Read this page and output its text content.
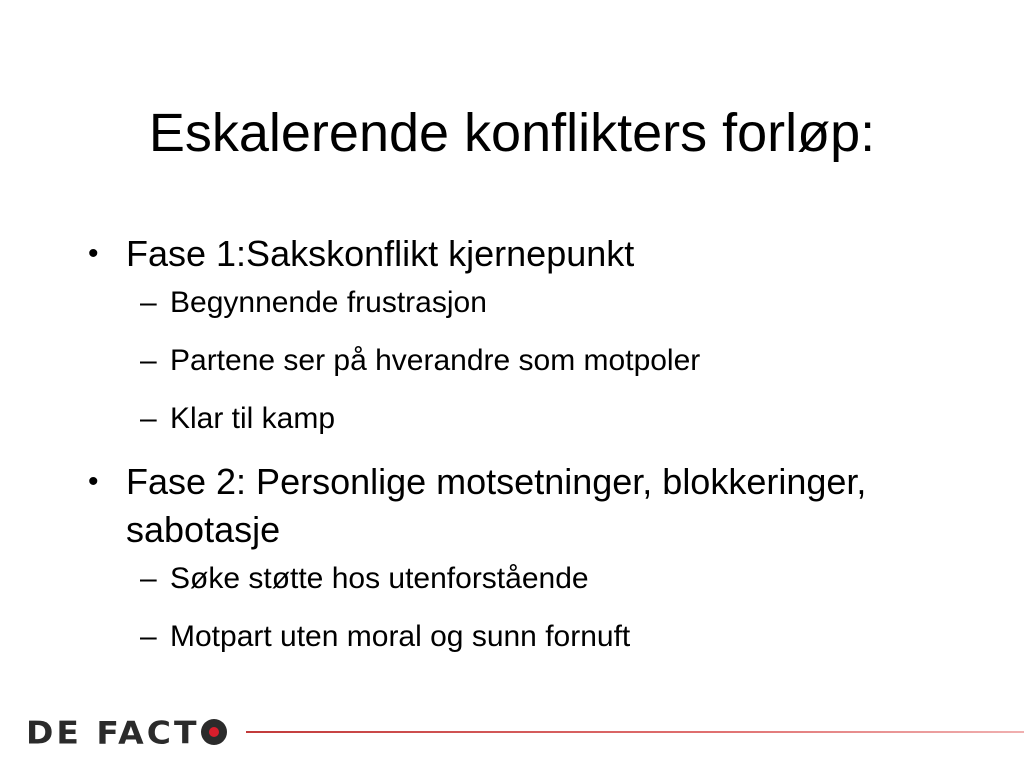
Eskalerende konflikters forløp:
• Fase 1:Sakskonflikt kjernepunkt
– Begynnende frustrasjon
– Partene ser på hverandre som motpoler
– Klar til kamp
• Fase 2: Personlige motsetninger, blokkeringer, sabotasje
– Søke støtte hos utenforstående
– Motpart uten moral og sunn fornuft
DE FACT
